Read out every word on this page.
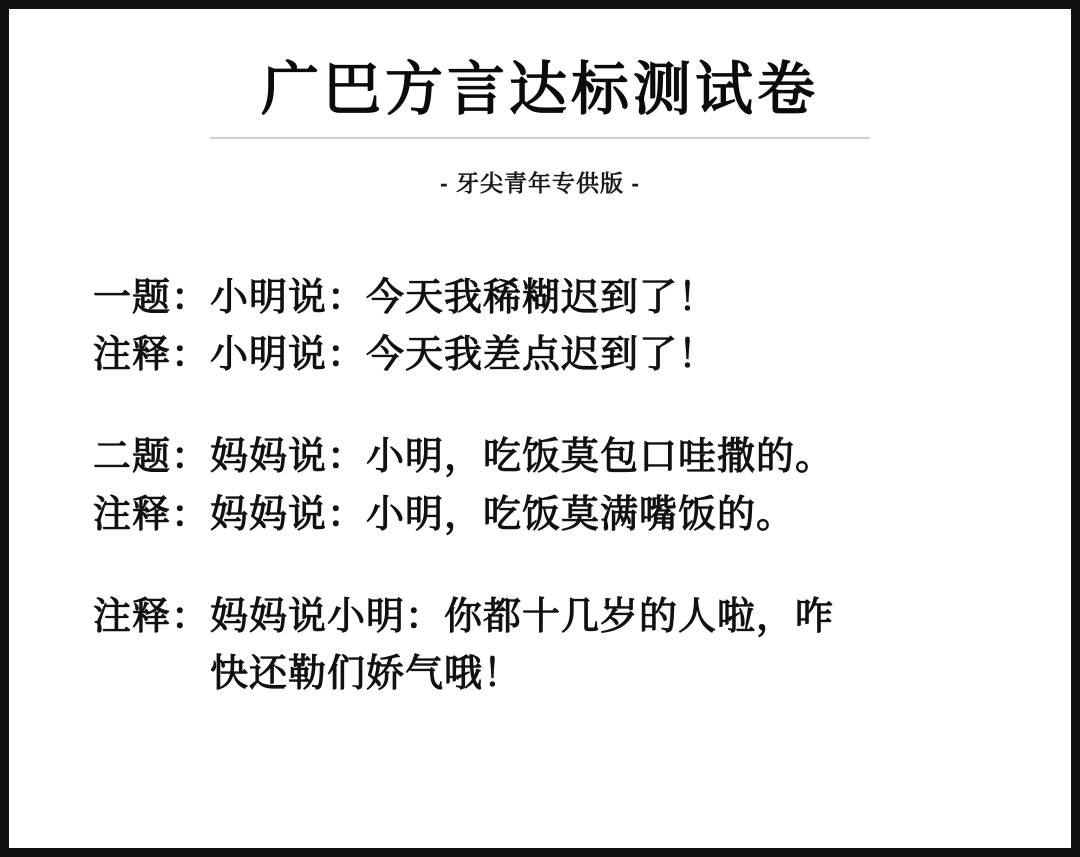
广巴方言达标测试卷
- 牙尖青年专供版 -
一题： 小明说：今天我稀糊迟到了！
注释： 小明说：今天我差点迟到了！
二题： 妈妈说：小明，吃饭莫包口哇撒的。
注释： 妈妈说：小明，吃饭莫满嘴饭的。
注释： 妈妈说小明：你都十几岁的人啦，咋
快还勒们娇气哦！
